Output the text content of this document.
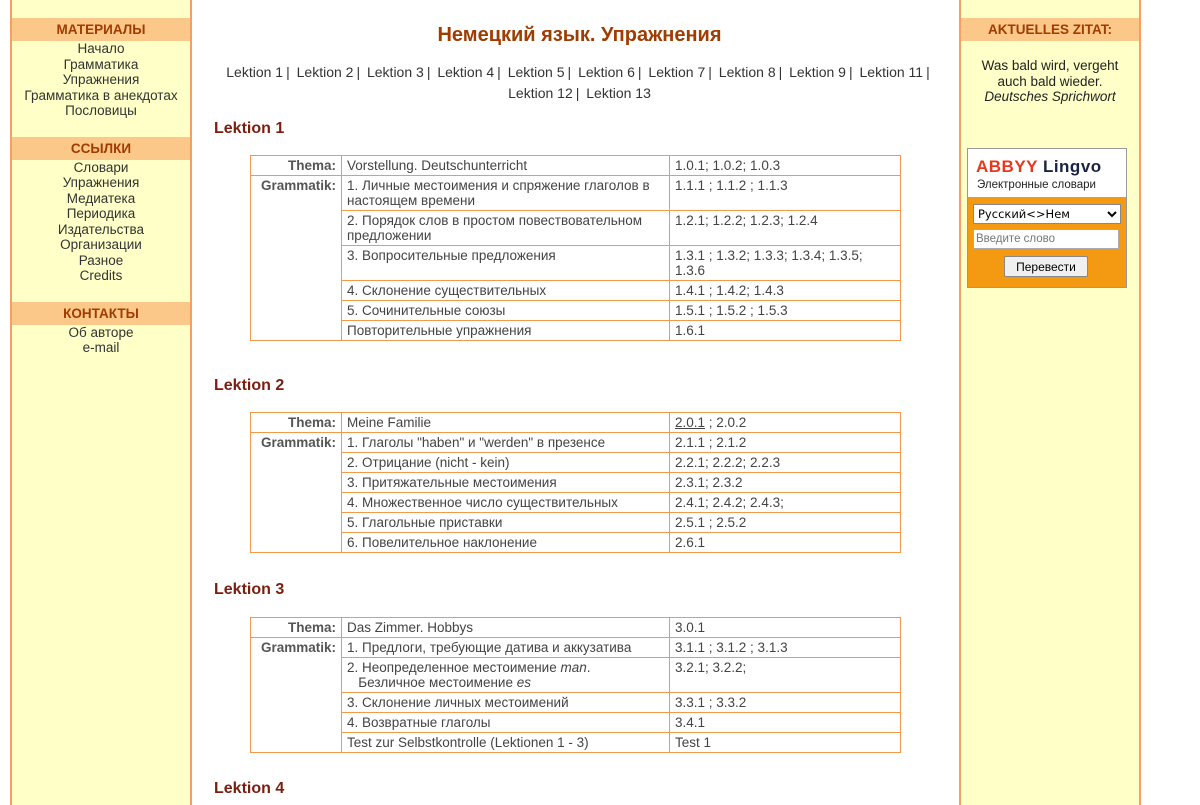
МАТЕРИАЛЫ
Начало
Грамматика
Упражнения
Грамматика в анекдотах
Пословицы
ССЫЛКИ
Словари
Упражнения
Медиатека
Периодика
Издательства
Организации
Разное
Credits
КОНТАКТЫ
Об авторе
e-mail
Немецкий язык. Упражнения
Lektion 1 | Lektion 2 | Lektion 3 | Lektion 4 | Lektion 5 | Lektion 6 | Lektion 7 | Lektion 8 | Lektion 9 | Lektion 11 |
Lektion 12 | Lektion 13
Lektion 1
Thema:	Vorstellung. Deutschunterricht	1.0.1; 1.0.2; 1.0.3
Grammatik:	1. Личные местоимения и спряжение глаголов в настоящем времени	1.1.1 ; 1.1.2 ; 1.1.3
	2. Порядок слов в простом повествовательном предложении	1.2.1; 1.2.2; 1.2.3; 1.2.4
	3. Вопросительные предложения	1.3.1 ; 1.3.2; 1.3.3; 1.3.4; 1.3.5; 1.3.6
	4. Склонение существительных	1.4.1 ; 1.4.2; 1.4.3
	5. Сочинительные союзы	1.5.1 ; 1.5.2 ; 1.5.3
	Повторительные упражнения	1.6.1
Lektion 2
Thema:	Meine Familie	2.0.1 ; 2.0.2
Grammatik:	1. Глаголы "haben" и "werden" в презенсе	2.1.1 ; 2.1.2
	2. Отрицание (nicht - kein)	2.2.1; 2.2.2; 2.2.3
	3. Притяжательные местоимения	2.3.1; 2.3.2
	4. Множественное число существительных	2.4.1; 2.4.2; 2.4.3;
	5. Глагольные приставки	2.5.1 ; 2.5.2
	6. Повелительное наклонение	2.6.1
Lektion 3
Thema:	Das Zimmer. Hobbys	3.0.1
Grammatik:	1. Предлоги, требующие датива и аккузатива	3.1.1 ; 3.1.2 ; 3.1.3
	2. Неопределенное местоимение man.
Безличное местоимение es	3.2.1; 3.2.2;
	3. Склонение личных местоимений	3.3.1 ; 3.3.2
	4. Возвратные глаголы	3.4.1
	Test zur Selbstkontrolle (Lektionen 1 - 3)	Test 1
Lektion 4
AKTUELLES ZITAT:
Was bald wird, vergeht
auch bald wieder.
Deutsches Sprichwort
ABBYY Lingvo
Электронные словари
Русский<>Нем
Введите слово
Перевести
